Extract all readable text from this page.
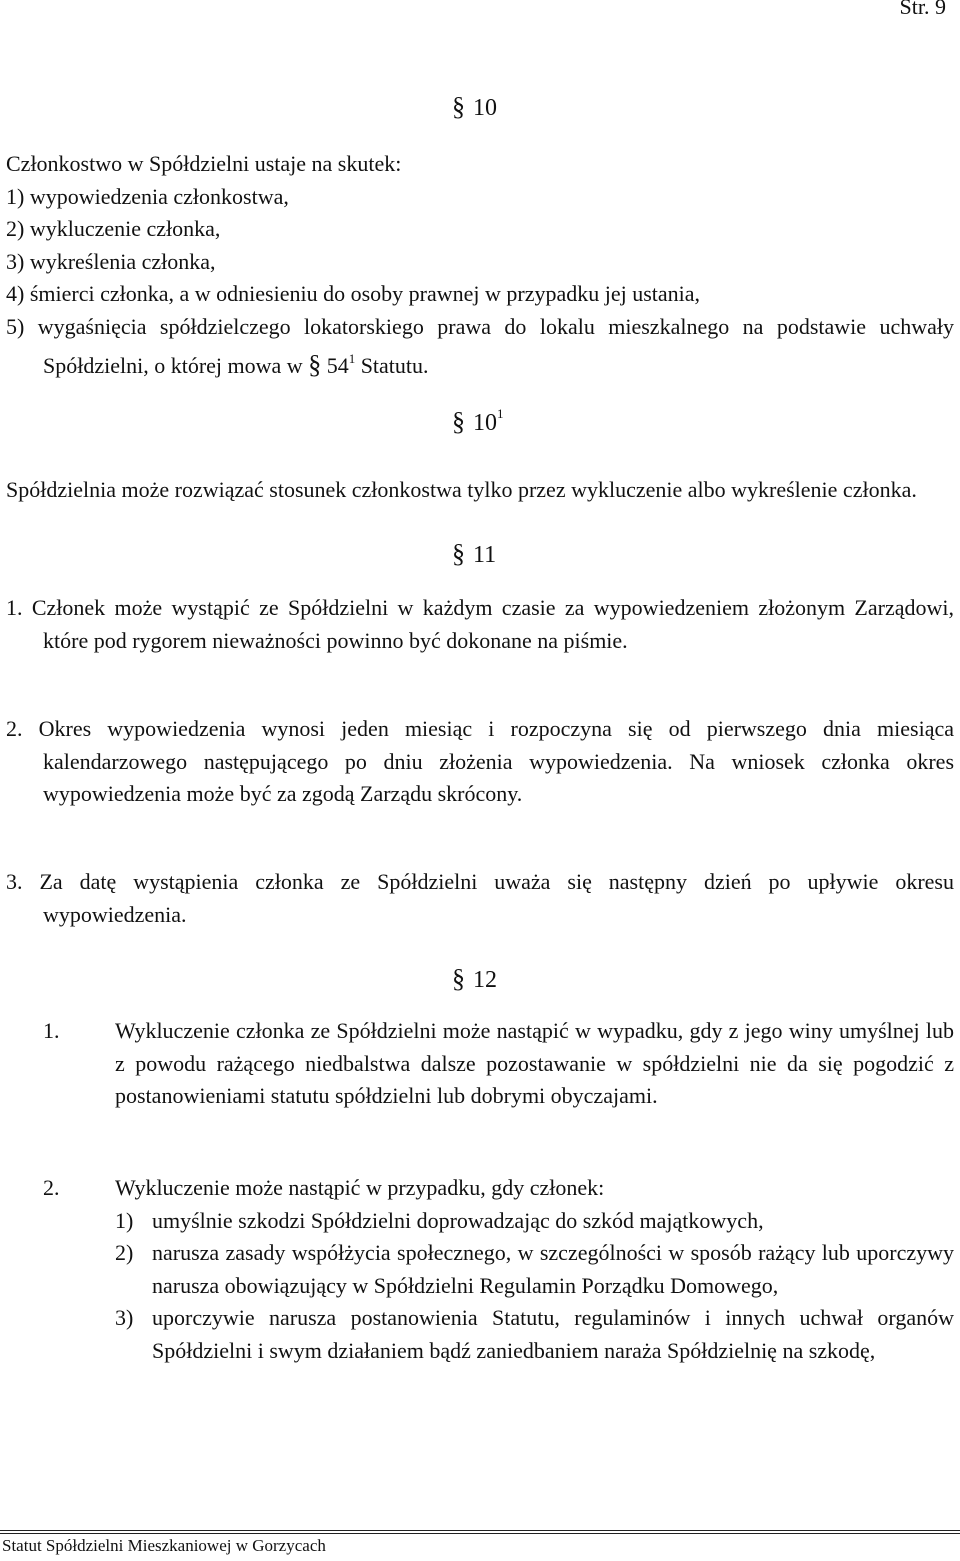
Str. 9
§ 10
Członkostwo w Spółdzielni ustaje na skutek:
1) wypowiedzenia członkostwa,
2) wykluczenie członka,
3) wykreślenia członka,
4) śmierci członka, a w odniesieniu do osoby prawnej w przypadku jej ustania,
5) wygaśnięcia spółdzielczego lokatorskiego prawa do lokalu mieszkalnego na podstawie uchwały Spółdzielni, o której mowa w § $54^1$ Statutu.
§ $10^1$
Spółdzielnia może rozwiązać stosunek członkostwa tylko przez wykluczenie albo wykreślenie członka.
§ 11
1. Członek może wystąpić ze Spółdzielni w każdym czasie za wypowiedzeniem złożonym Zarządowi, które pod rygorem nieważności powinno być dokonane na piśmie.
2. Okres wypowiedzenia wynosi jeden miesiąc i rozpoczyna się od pierwszego dnia miesiąca kalendarzowego następującego po dniu złożenia wypowiedzenia. Na wniosek członka okres wypowiedzenia może być za zgodą Zarządu skrócony.
3. Za datę wystąpienia członka ze Spółdzielni uważa się następny dzień po upływie okresu wypowiedzenia.
§ 12
1.	Wykluczenie członka ze Spółdzielni może nastąpić w wypadku, gdy z jego winy umyślnej lub z powodu rażącego niedbalstwa dalsze pozostawanie w spółdzielni nie da się pogodzić z postanowieniami statutu spółdzielni lub dobrymi obyczajami.
2.	Wykluczenie może nastąpić w przypadku, gdy członek:
1) umyślnie szkodzi Spółdzielni doprowadzając do szkód majątkowych,
2) narusza zasady współżycia społecznego, w szczególności w sposób rażący lub uporczywy narusza obowiązujący w Spółdzielni Regulamin Porządku Domowego,
3) uporczywie narusza postanowienia Statutu, regulaminów i innych uchwał organów Spółdzielni i swym działaniem bądź zaniedbaniem naraża Spółdzielnię na szkodę,
Statut Spółdzielni Mieszkaniowej w Gorzycach
